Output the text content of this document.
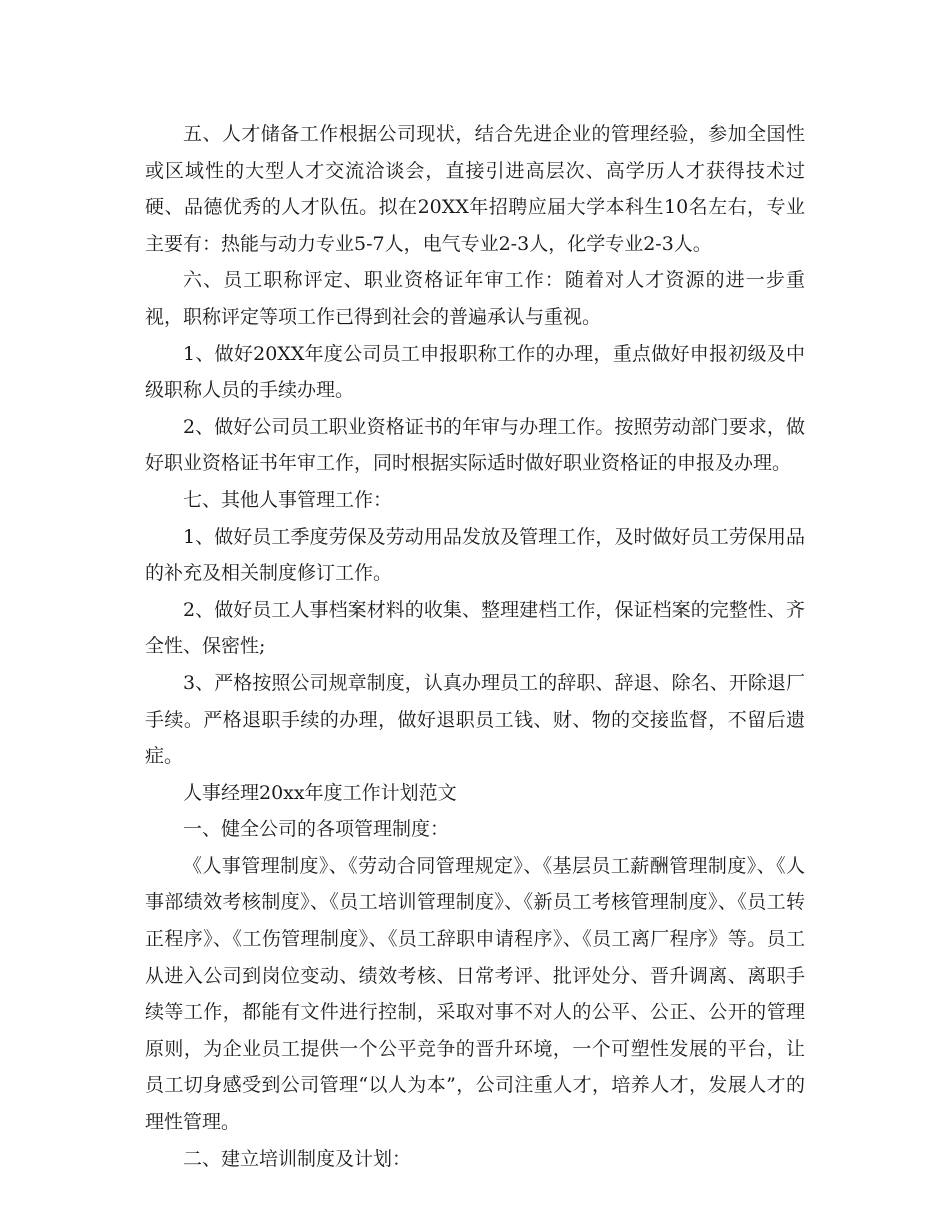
五、人才储备工作根据公司现状，结合先进企业的管理经验，参加全国性或区域性的大型人才交流洽谈会，直接引进高层次、高学历人才获得技术过硬、品德优秀的人才队伍。拟在20XX年招聘应届大学本科生10名左右，专业主要有：热能与动力专业5-7人，电气专业2-3人，化学专业2-3人。

六、员工职称评定、职业资格证年审工作：随着对人才资源的进一步重视，职称评定等项工作已得到社会的普遍承认与重视。

1、做好20XX年度公司员工申报职称工作的办理，重点做好申报初级及中级职称人员的手续办理。

2、做好公司员工职业资格证书的年审与办理工作。按照劳动部门要求，做好职业资格证书年审工作，同时根据实际适时做好职业资格证的申报及办理。

七、其他人事管理工作：

1、做好员工季度劳保及劳动用品发放及管理工作，及时做好员工劳保用品的补充及相关制度修订工作。

2、做好员工人事档案材料的收集、整理建档工作，保证档案的完整性、齐全性、保密性;

3、严格按照公司规章制度，认真办理员工的辞职、辞退、除名、开除退厂手续。严格退职手续的办理，做好退职员工钱、财、物的交接监督，不留后遗症。

人事经理20xx年度工作计划范文

一、健全公司的各项管理制度：

《人事管理制度》、《劳动合同管理规定》、《基层员工薪酬管理制度》、《人事部绩效考核制度》、《员工培训管理制度》、《新员工考核管理制度》、《员工转正程序》、《工伤管理制度》、《员工辞职申请程序》、《员工离厂程序》等。员工从进入公司到岗位变动、绩效考核、日常考评、批评处分、晋升调离、离职手续等工作，都能有文件进行控制，采取对事不对人的公平、公正、公开的管理原则，为企业员工提供一个公平竞争的晋升环境，一个可塑性发展的平台，让员工切身感受到公司管理“以人为本”，公司注重人才，培养人才，发展人才的理性管理。

二、建立培训制度及计划：
